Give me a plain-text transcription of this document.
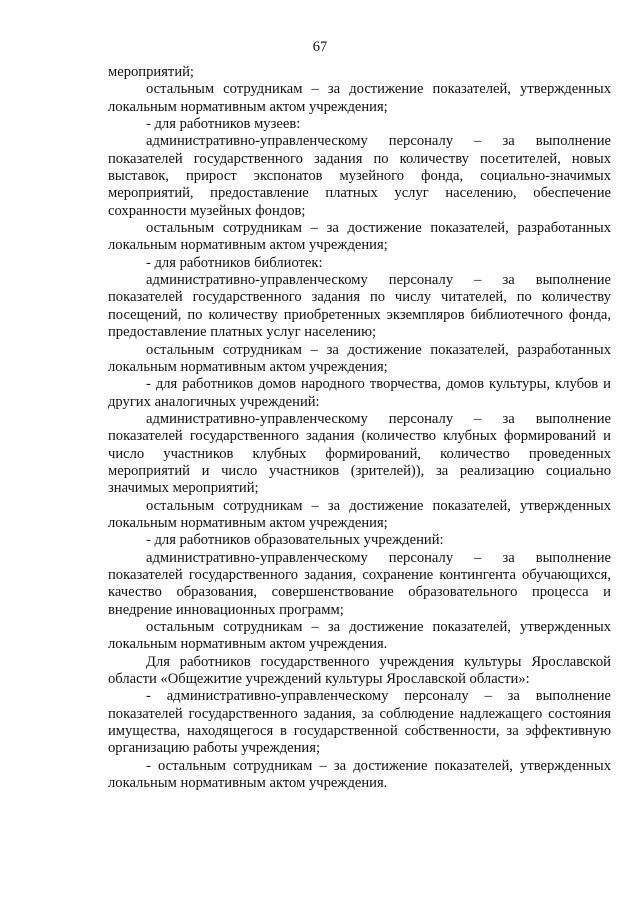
67

мероприятий;

остальным сотрудникам – за достижение показателей, утвержденных локальным нормативным актом учреждения;

- для работников музеев:

административно-управленческому персоналу – за выполнение показателей государственного задания по количеству посетителей, новых выставок, прирост экспонатов музейного фонда, социально-значимых мероприятий, предоставление платных услуг населению, обеспечение сохранности музейных фондов;

остальным сотрудникам – за достижение показателей, разработанных локальным нормативным актом учреждения;

- для работников библиотек:

административно-управленческому персоналу – за выполнение показателей государственного задания по числу читателей, по количеству посещений, по количеству приобретенных экземпляров библиотечного фонда, предоставление платных услуг населению;

остальным сотрудникам – за достижение показателей, разработанных локальным нормативным актом учреждения;

- для работников домов народного творчества, домов культуры, клубов и других аналогичных учреждений:

административно-управленческому персоналу – за выполнение показателей государственного задания (количество клубных формирований и число участников клубных формирований, количество проведенных мероприятий и число участников (зрителей)), за реализацию социально значимых мероприятий;

остальным сотрудникам – за достижение показателей, утвержденных локальным нормативным актом учреждения;

- для работников образовательных учреждений:

административно-управленческому персоналу – за выполнение показателей государственного задания, сохранение контингента обучающихся, качество образования, совершенствование образовательного процесса и внедрение инновационных программ;

остальным сотрудникам – за достижение показателей, утвержденных локальным нормативным актом учреждения.

Для работников государственного учреждения культуры Ярославской области «Общежитие учреждений культуры Ярославской области»:

- административно-управленческому персоналу – за выполнение показателей государственного задания, за соблюдение надлежащего состояния имущества, находящегося в государственной собственности, за эффективную организацию работы учреждения;

- остальным сотрудникам – за достижение показателей, утвержденных локальным нормативным актом учреждения.
